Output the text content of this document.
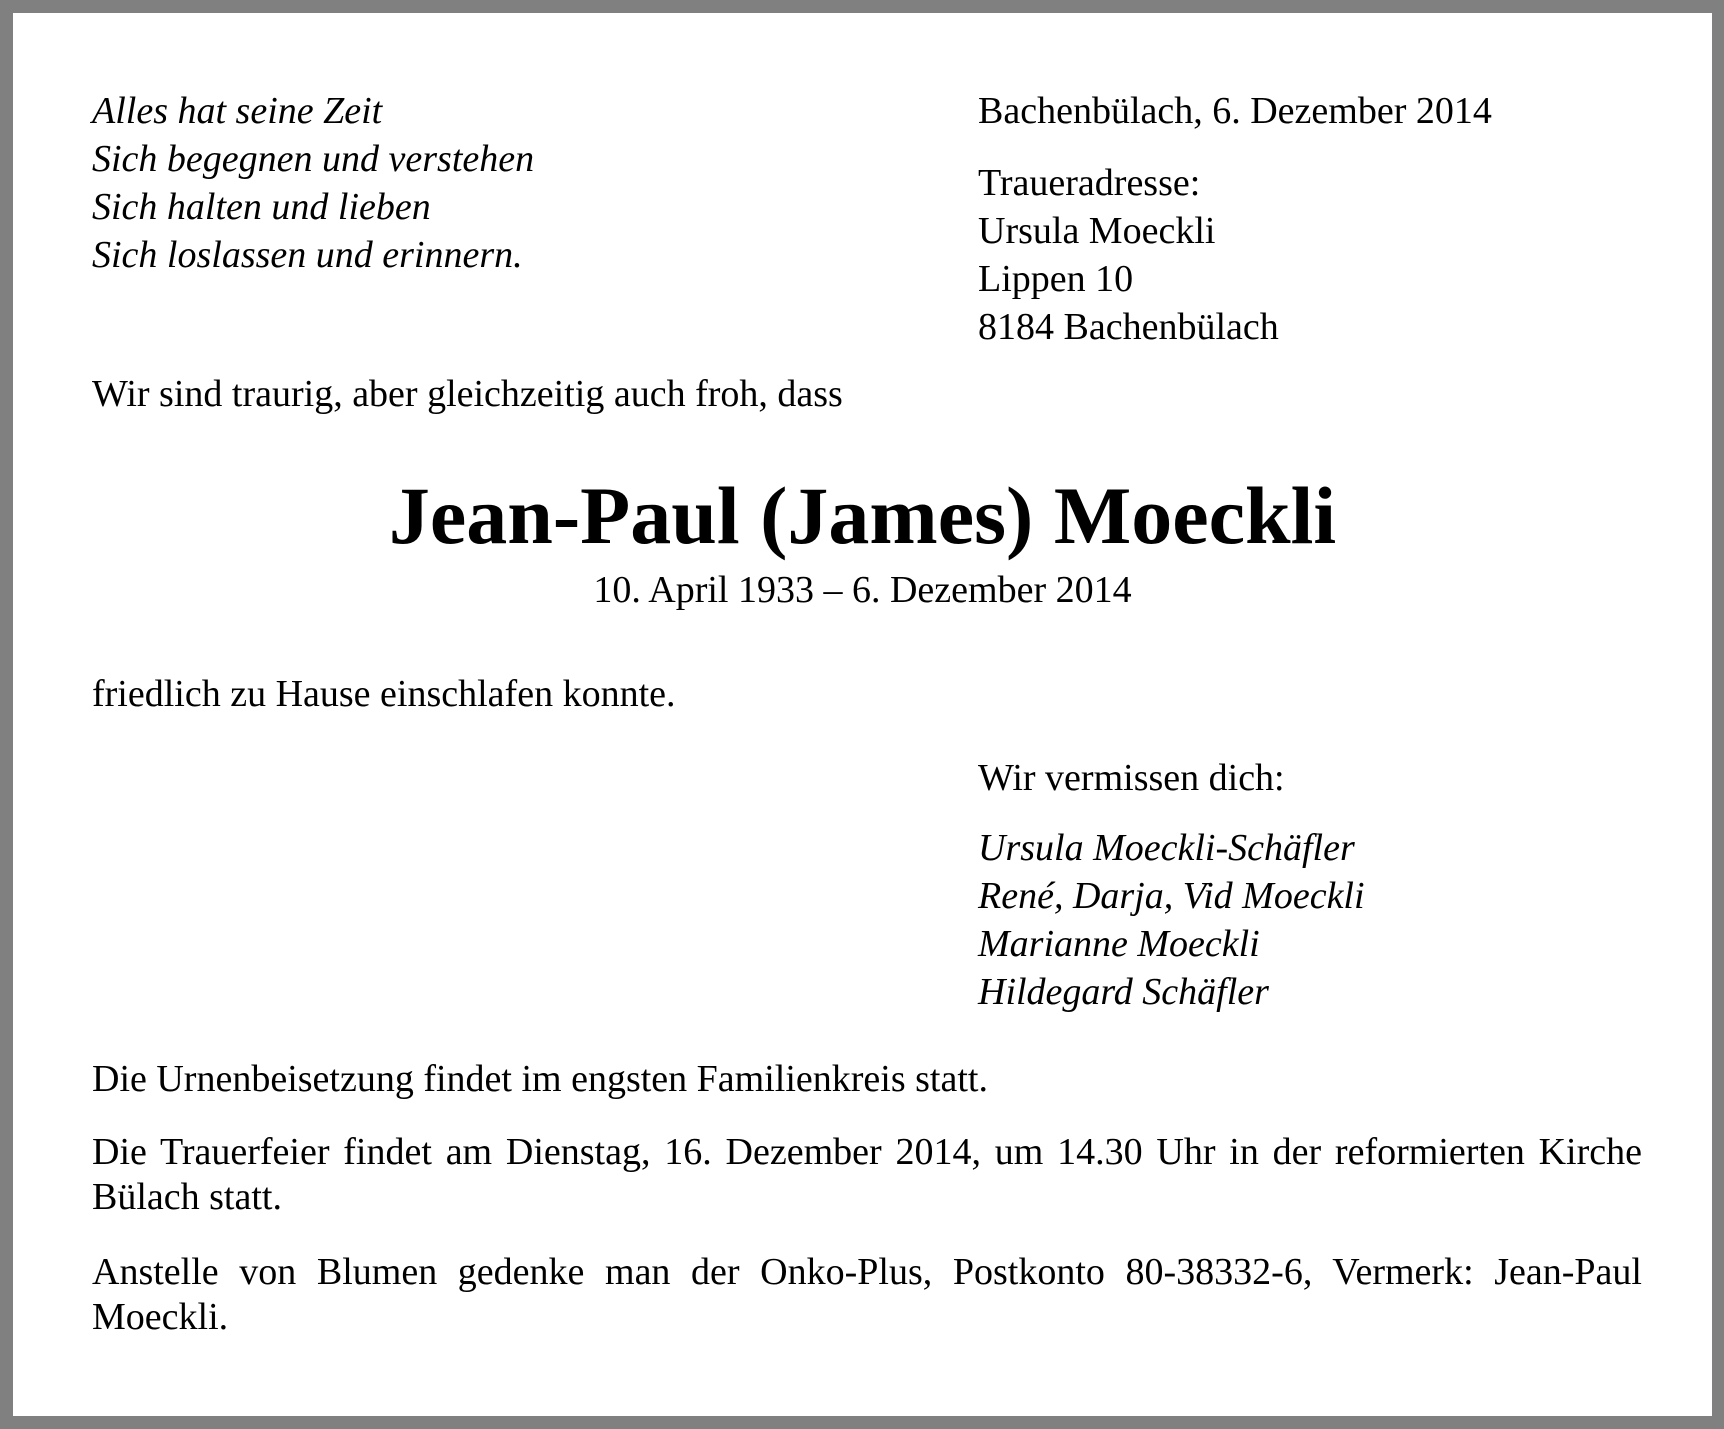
Alles hat seine Zeit
Sich begegnen und verstehen
Sich halten und lieben
Sich loslassen und erinnern.
Bachenbülach, 6. Dezember 2014
Traueradresse:
Ursula Moeckli
Lippen 10
8184 Bachenbülach
Wir sind traurig, aber gleichzeitig auch froh, dass
Jean-Paul (James) Moeckli
10. April 1933 – 6. Dezember 2014
friedlich zu Hause einschlafen konnte.
Wir vermissen dich:
Ursula Moeckli-Schäfler
René, Darja, Vid Moeckli
Marianne Moeckli
Hildegard Schäfler

Die Urnenbeisetzung findet im engsten Familienkreis statt.

Die Trauerfeier findet am Dienstag, 16. Dezember 2014, um 14.30 Uhr in der reformierten Kirche Bülach statt.

Anstelle von Blumen gedenke man der Onko-Plus, Postkonto 80-38332-6, Vermerk: Jean-Paul Moeckli.
